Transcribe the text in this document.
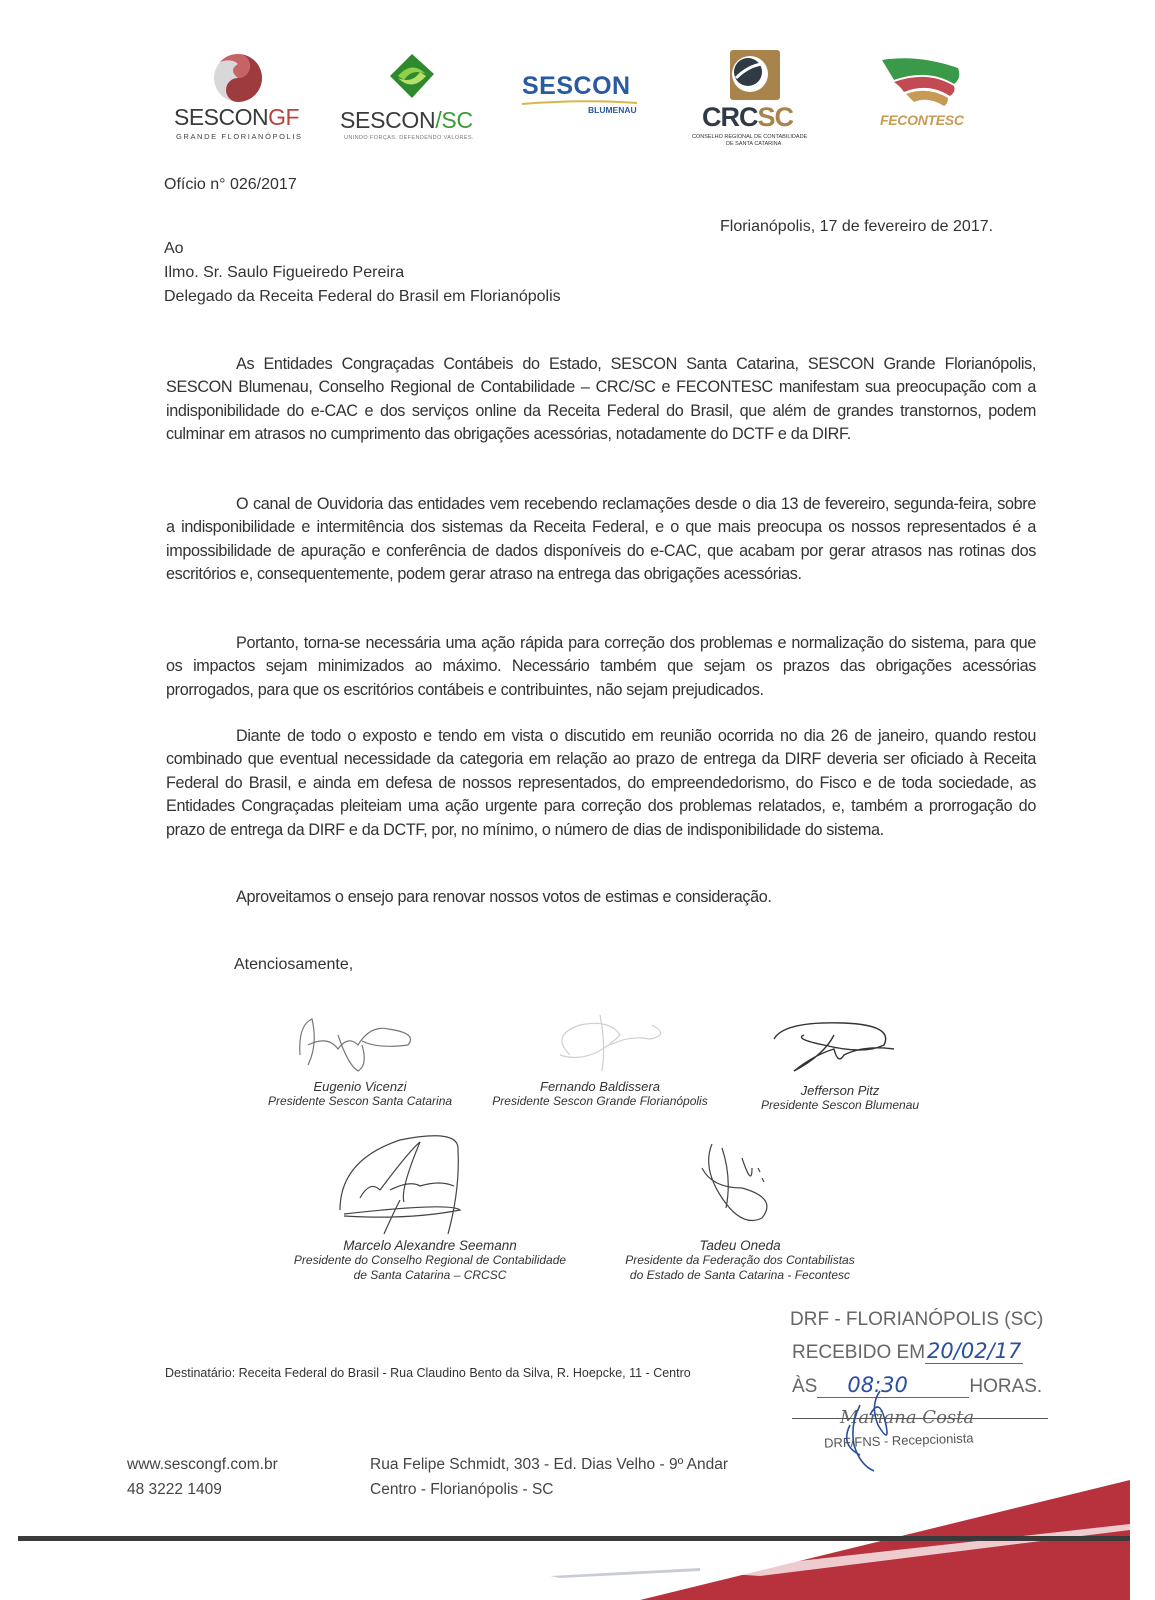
SESCONGF
GRANDE FLORIANÓPOLIS
SESCON/SC
UNINDO FORÇAS. DEFENDENDO VALORES.
SESCON
BLUMENAU CRCSC
CONSELHO REGIONAL DE CONTABILIDADE
DE SANTA CATARINA
FECONTESC
Ofício n° 026/2017
Florianópolis, 17 de fevereiro de 2017.
Ao
Ilmo. Sr. Saulo Figueiredo Pereira
Delegado da Receita Federal do Brasil em Florianópolis

As Entidades Congraçadas Contábeis do Estado, SESCON Santa Catarina, SESCON Grande Florianópolis, SESCON Blumenau, Conselho Regional de Contabilidade – CRC/SC e FECONTESC manifestam sua preocupação com a indisponibilidade do e-CAC e dos serviços online da Receita Federal do Brasil, que além de grandes transtornos, podem culminar em atrasos no cumprimento das obrigações acessórias, notadamente do DCTF e da DIRF.

O canal de Ouvidoria das entidades vem recebendo reclamações desde o dia 13 de fevereiro, segunda-feira, sobre a indisponibilidade e intermitência dos sistemas da Receita Federal, e o que mais preocupa os nossos representados é a impossibilidade de apuração e conferência de dados disponíveis do e-CAC, que acabam por gerar atrasos nas rotinas dos escritórios e, consequentemente, podem gerar atraso na entrega das obrigações acessórias.

Portanto, torna-se necessária uma ação rápida para correção dos problemas e normalização do sistema, para que os impactos sejam minimizados ao máximo. Necessário também que sejam os prazos das obrigações acessórias prorrogados, para que os escritórios contábeis e contribuintes, não sejam prejudicados.

Diante de todo o exposto e tendo em vista o discutido em reunião ocorrida no dia 26 de janeiro, quando restou combinado que eventual necessidade da categoria em relação ao prazo de entrega da DIRF deveria ser oficiado à Receita Federal do Brasil, e ainda em defesa de nossos representados, do empreendedorismo, do Fisco e de toda sociedade, as Entidades Congraçadas pleiteiam uma ação urgente para correção dos problemas relatados, e, também a prorrogação do prazo de entrega da DIRF e da DCTF, por, no mínimo, o número de dias de indisponibilidade do sistema.

Aproveitamos o ensejo para renovar nossos votos de estimas e consideração.

Atenciosamente,
Eugenio Vicenzi
Presidente Sescon Santa Catarina
Fernando Baldissera
Presidente Sescon Grande Florianópolis
Jefferson Pitz
Presidente Sescon Blumenau
Marcelo Alexandre Seemann
Presidente do Conselho Regional de Contabilidade
de Santa Catarina – CRCSC
Tadeu Oneda
Presidente da Federação dos Contabilistas
do Estado de Santa Catarina - Fecontesc
DRF - FLORIANÓPOLIS (SC)
RECEBIDO EM20/02/17
ÀS 08:30	HORAS.
Mariana Costa
DRF/FNS - Recepcionista
Destinatário: Receita Federal do Brasil - Rua Claudino Bento da Silva, R. Hoepcke, 11 - Centro
www.sescongf.com.br
48 3222 1409
Rua Felipe Schmidt, 303 - Ed. Dias Velho - 9º Andar
Centro - Florianópolis - SC
